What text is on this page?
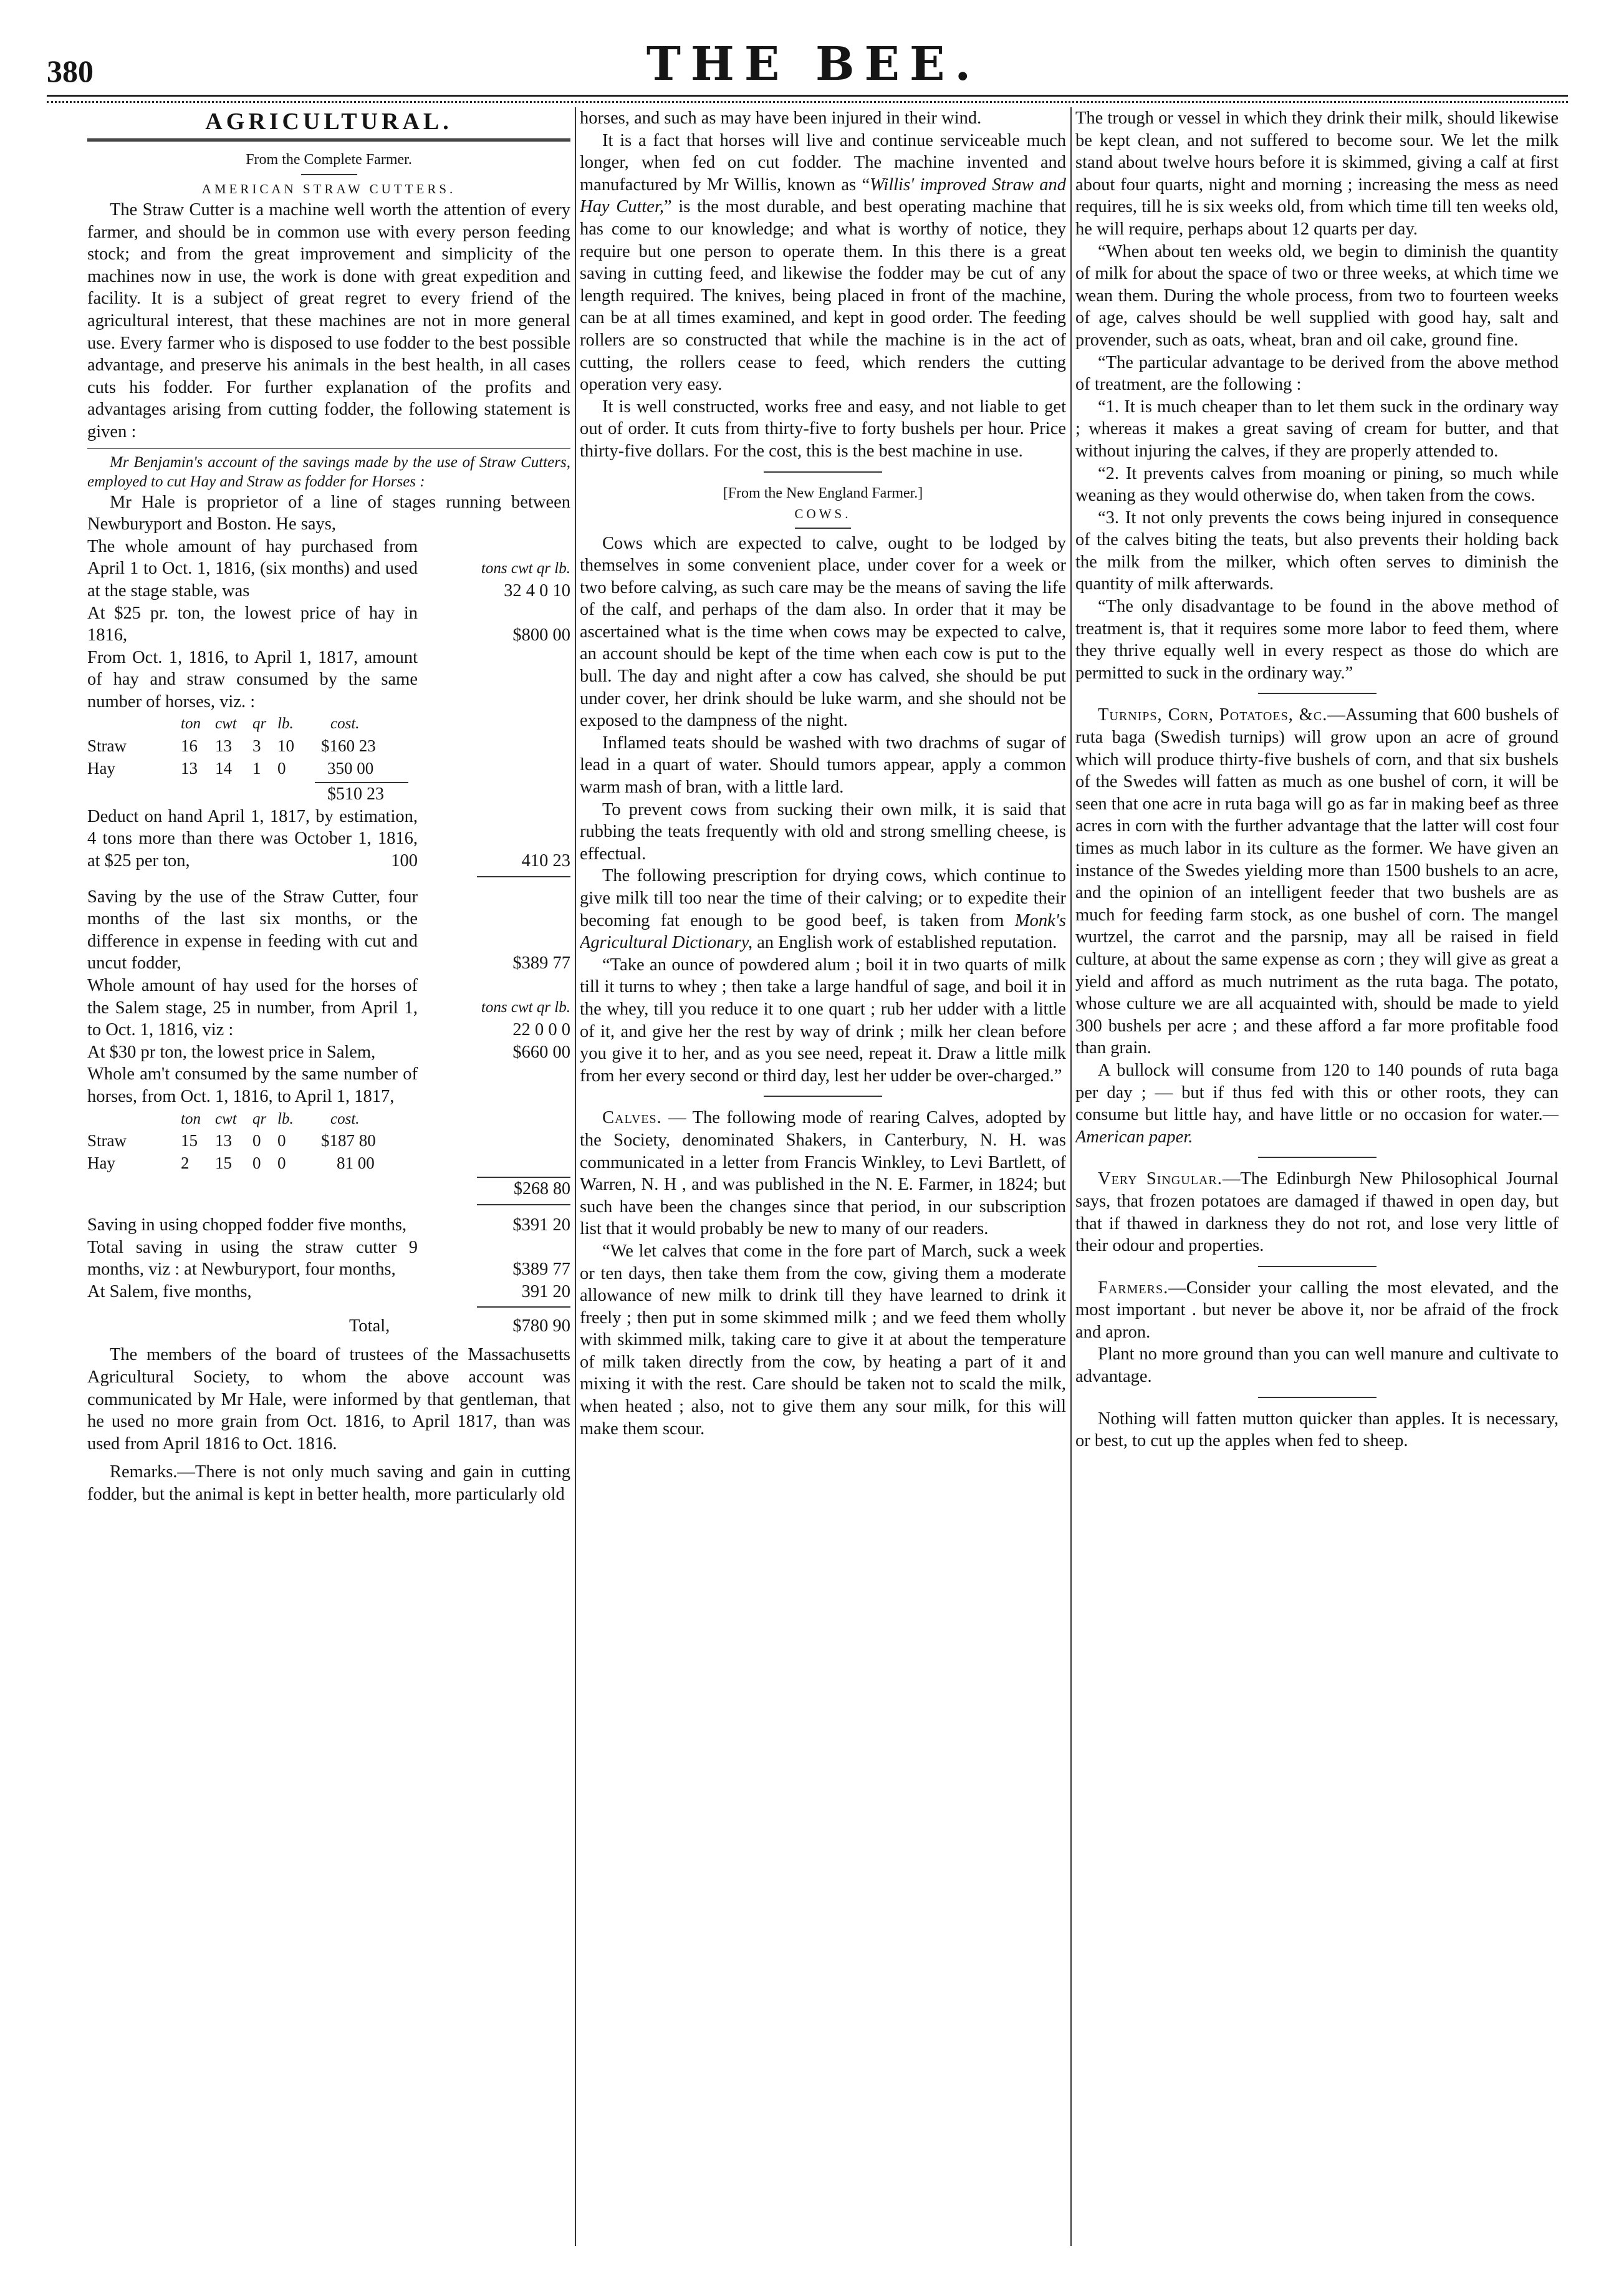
380	THE BEE.
AGRICULTURAL.

From the Complete Farmer.

AMERICAN STRAW CUTTERS.

The Straw Cutter is a machine well worth the attention of every farmer, and should be in common use with every person feeding stock; and from the great improvement and simplicity of the machines now in use, the work is done with great expedition and facility. It is a subject of great regret to every friend of the agricultural interest, that these machines are not in more general use. Every farmer who is disposed to use fodder to the best possible advantage, and preserve his animals in the best health, in all cases cuts his fodder. For further explanation of the profits and advantages arising from cutting fodder, the following statement is given :

Mr Benjamin's account of the savings made by the use of Straw Cutters, employed to cut Hay and Straw as fodder for Horses :

Mr Hale is proprietor of a line of stages running between Newburyport and Boston. He says,

The whole amount of hay purchased from April 1 to Oct. 1, 1816, (six months) and used at the stage stable, was

tons cwt qr lb.
32 4 0 10

At $25 pr. ton, the lowest price of hay in 1816,	$800 00

From Oct. 1, 1816, to April 1, 1817, amount of hay and straw consumed by the same number of horses, viz. :

ton cwt qr lb. cost.
Straw	16 13 3 10 $160 23
Hay	13 14 1 0 350 00
$510 23

Deduct on hand April 1, 1817, by estimation, 4 tons more than there was October 1, 1816, at $25 per ton,	100	410 23

Saving by the use of the Straw Cutter, four months of the last six months, or the difference in expense in feeding with cut and uncut fodder,	$389 77

Whole amount of hay used for the horses of the Salem stage, 25 in number, from April 1, to Oct. 1, 1816, viz :

tons cwt qr lb.
22 0 0 0

At $30 pr ton, the lowest price in Salem,	$660 00

Whole am't consumed by the same number of horses, from Oct. 1, 1816, to April 1, 1817,

ton cwt qr lb. cost.
Straw	15 13 0 0 $187 80
Hay	2 15 0 0	81 00
$268 80

Saving in using chopped fodder five months,	$391 20

Total saving in using the straw cutter 9 months, viz : at Newburyport, four months,	$389 77

At Salem, five months,	391 20
Total,	$780 90

The members of the board of trustees of the Massachusetts Agricultural Society, to whom the above account was communicated by Mr Hale, were informed by that gentleman, that he used no more grain from Oct. 1816, to April 1817, than was used from April 1816 to Oct. 1816.

Remarks.—There is not only much saving and gain in cutting fodder, but the animal is kept in better health, more particularly old

horses, and such as may have been injured in their wind.

It is a fact that horses will live and continue serviceable much longer, when fed on cut fodder. The machine invented and manufactured by Mr Willis, known as “Willis' improved Straw and Hay Cutter,” is the most durable, and best operating machine that has come to our knowledge; and what is worthy of notice, they require but one person to operate them. In this there is a great saving in cutting feed, and likewise the fodder may be cut of any length required. The knives, being placed in front of the machine, can be at all times examined, and kept in good order. The feeding rollers are so constructed that while the machine is in the act of cutting, the rollers cease to feed, which renders the cutting operation very easy.

It is well constructed, works free and easy, and not liable to get out of order. It cuts from thirty-five to forty bushels per hour. Price thirty-five dollars. For the cost, this is the best machine in use.

[From the New England Farmer.]

COWS.

Cows which are expected to calve, ought to be lodged by themselves in some convenient place, under cover for a week or two before calving, as such care may be the means of saving the life of the calf, and perhaps of the dam also. In order that it may be ascertained what is the time when cows may be expected to calve, an account should be kept of the time when each cow is put to the bull. The day and night after a cow has calved, she should be put under cover, her drink should be luke warm, and she should not be exposed to the dampness of the night.

Inflamed teats should be washed with two drachms of sugar of lead in a quart of water. Should tumors appear, apply a common warm mash of bran, with a little lard.

To prevent cows from sucking their own milk, it is said that rubbing the teats frequently with old and strong smelling cheese, is effectual.

The following prescription for drying cows, which continue to give milk till too near the time of their calving; or to expedite their becoming fat enough to be good beef, is taken from Monk's Agricultural Dictionary, an English work of established reputation.

“Take an ounce of powdered alum ; boil it in two quarts of milk till it turns to whey ; then take a large handful of sage, and boil it in the whey, till you reduce it to one quart ; rub her udder with a little of it, and give her the rest by way of drink ; milk her clean before you give it to her, and as you see need, repeat it. Draw a little milk from her every second or third day, lest her udder be over-charged.”

Calves. — The following mode of rearing Calves, adopted by the Society, denominated Shakers, in Canterbury, N. H. was communicated in a letter from Francis Winkley, to Levi Bartlett, of Warren, N. H , and was published in the N. E. Farmer, in 1824; but such have been the changes since that period, in our subscription list that it would probably be new to many of our readers.

“We let calves that come in the fore part of March, suck a week or ten days, then take them from the cow, giving them a moderate allowance of new milk to drink till they have learned to drink it freely ; then put in some skimmed milk ; and we feed them wholly with skimmed milk, taking care to give it at about the temperature of milk taken directly from the cow, by heating a part of it and mixing it with the rest. Care should be taken not to scald the milk, when heated ; also, not to give them any sour milk, for this will make them scour.

The trough or vessel in which they drink their milk, should likewise be kept clean, and not suffered to become sour. We let the milk stand about twelve hours before it is skimmed, giving a calf at first about four quarts, night and morning ; increasing the mess as need requires, till he is six weeks old, from which time till ten weeks old, he will require, perhaps about 12 quarts per day.

“When about ten weeks old, we begin to diminish the quantity of milk for about the space of two or three weeks, at which time we wean them. During the whole process, from two to fourteen weeks of age, calves should be well supplied with good hay, salt and provender, such as oats, wheat, bran and oil cake, ground fine.

“The particular advantage to be derived from the above method of treatment, are the following :

“1. It is much cheaper than to let them suck in the ordinary way ; whereas it makes a great saving of cream for butter, and that without injuring the calves, if they are properly attended to.

“2. It prevents calves from moaning or pining, so much while weaning as they would otherwise do, when taken from the cows.

“3. It not only prevents the cows being injured in consequence of the calves biting the teats, but also prevents their holding back the milk from the milker, which often serves to diminish the quantity of milk afterwards.

“The only disadvantage to be found in the above method of treatment is, that it requires some more labor to feed them, where they thrive equally well in every respect as those do which are permitted to suck in the ordinary way.”

Turnips, Corn, Potatoes, &c.—Assuming that 600 bushels of ruta baga (Swedish turnips) will grow upon an acre of ground which will produce thirty-five bushels of corn, and that six bushels of the Swedes will fatten as much as one bushel of corn, it will be seen that one acre in ruta baga will go as far in making beef as three acres in corn with the further advantage that the latter will cost four times as much labor in its culture as the former. We have given an instance of the Swedes yielding more than 1500 bushels to an acre, and the opinion of an intelligent feeder that two bushels are as much for feeding farm stock, as one bushel of corn. The mangel wurtzel, the carrot and the parsnip, may all be raised in field culture, at about the same expense as corn ; they will give as great a yield and afford as much nutriment as the ruta baga. The potato, whose culture we are all acquainted with, should be made to yield 300 bushels per acre ; and these afford a far more profitable food than grain.

A bullock will consume from 120 to 140 pounds of ruta baga per day ; — but if thus fed with this or other roots, they can consume but little hay, and have little or no occasion for water.—American paper.

Very Singular.—The Edinburgh New Philosophical Journal says, that frozen potatoes are damaged if thawed in open day, but that if thawed in darkness they do not rot, and lose very little of their odour and properties.

Farmers.—Consider your calling the most elevated, and the most important . but never be above it, nor be afraid of the frock and apron.

Plant no more ground than you can well manure and cultivate to advantage.

Nothing will fatten mutton quicker than apples. It is necessary, or best, to cut up the apples when fed to sheep.
